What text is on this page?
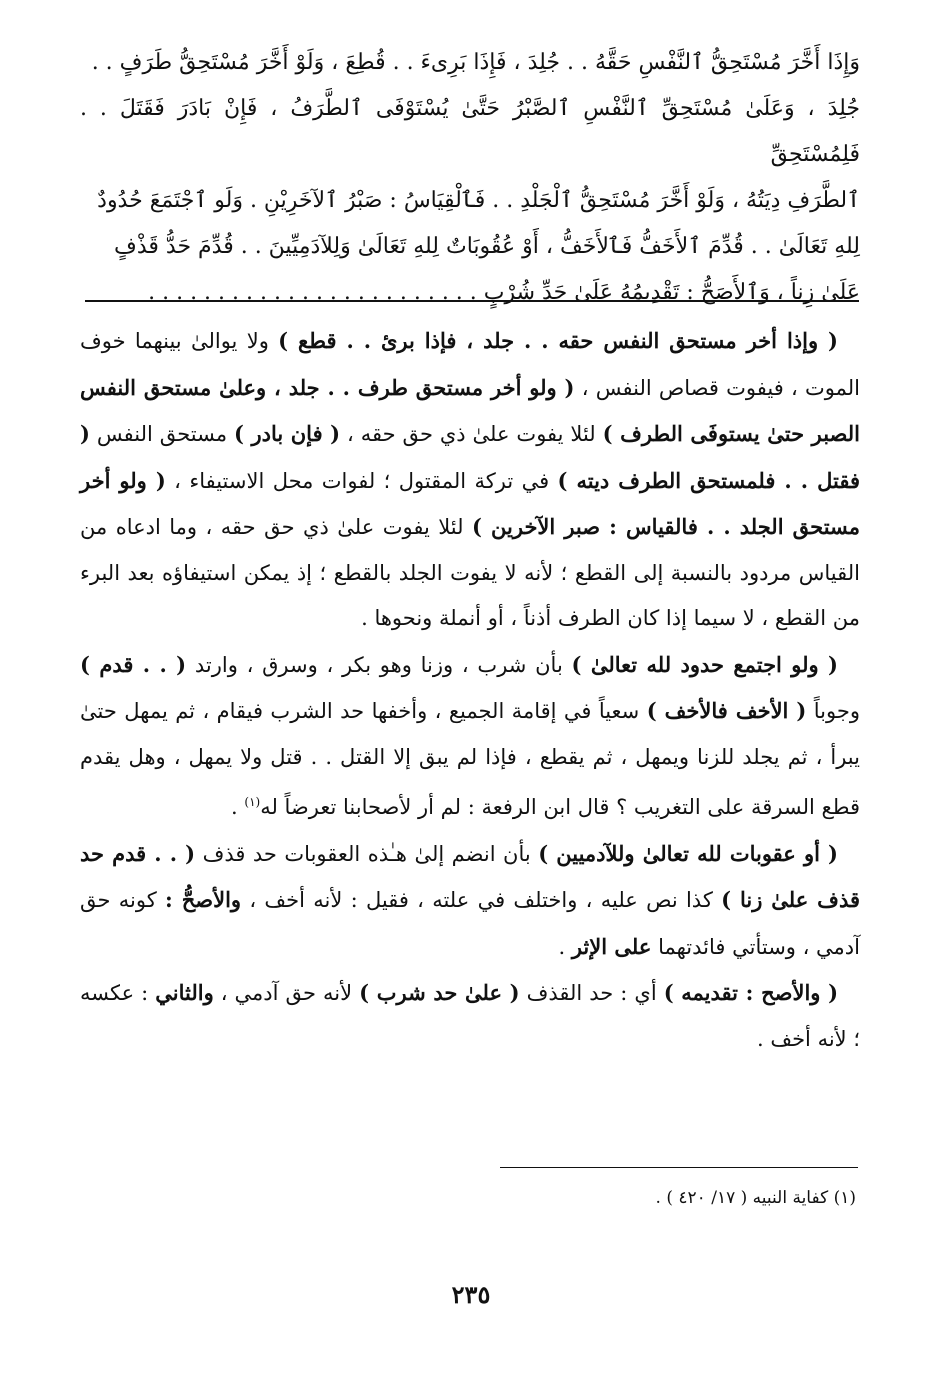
وَإِذَا أَخَّرَ مُسْتَحِقُّ ٱلنَّفْسِ حَقَّهُ . . جُلِدَ ، فَإِذَا بَرِىءَ . . قُطِعَ ، وَلَوْ أَخَّرَ مُسْتَحِقُّ طَرَفٍ . .

جُلِدَ ، وَعَلَىٰ مُسْتَحِقِّ ٱلنَّفْسِ ٱلصَّبْرُ حَتَّىٰ يُسْتَوْفَى ٱلطَّرَفُ ، فَإِنْ بَادَرَ فَقَتَلَ . . فَلِمُسْتَحِقِّ

ٱلطَّرَفِ دِيَتُهُ ، وَلَوْ أَخَّرَ مُسْتَحِقُّ ٱلْجَلْدِ . . فَٱلْقِيَاسُ : صَبْرُ ٱلآخَرِيْنِ . وَلَو ٱجْتَمَعَ حُدُودٌ

لِلهِ تَعَالَىٰ . . قُدِّمَ ٱلأَخَفُّ فَٱلأَخَفُّ ، أَوْ عُقُوبَاتٌ لِلهِ تَعَالَىٰ وَلِلآدَمِيِّينَ . . قُدِّمَ حَدُّ قَذْفٍ

عَلَىٰ زِناً ، وَٱلأَصَحُّ : تَقْدِيمُهُ عَلَىٰ حَدِّ شُرْبٍ . . . . . . . . . . . . . . . . . . . . . . . .

( وإذا أخر مستحق النفس حقه . . جلد ، فإذا برئ . . قطع ) ولا يوالىٰ بينهما خوف الموت ، فيفوت قصاص النفس ، ( ولو أخر مستحق طرف . . جلد ، وعلىٰ مستحق النفس الصبر حتىٰ يستوفَى الطرف ) لئلا يفوت علىٰ ذي حق حقه ، ( فإن بادر ) مستحق النفس ( فقتل . . فلمستحق الطرف ديته ) في تركة المقتول ؛ لفوات محل الاستيفاء ، ( ولو أخر مستحق الجلد . . فالقياس : صبر الآخرين ) لئلا يفوت علىٰ ذي حق حقه ، وما ادعاه من القياس مردود بالنسبة إلى القطع ؛ لأنه لا يفوت الجلد بالقطع ؛ إذ يمكن استيفاؤه بعد البرء من القطع ، لا سيما إذا كان الطرف أذناً ، أو أنملة ونحوها .

( ولو اجتمع حدود لله تعالىٰ ) بأن شرب ، وزنا وهو بكر ، وسرق ، وارتد ( . . قدم ) وجوباً ( الأخف فالأخف ) سعياً في إقامة الجميع ، وأخفها حد الشرب فيقام ، ثم يمهل حتىٰ يبرأ ، ثم يجلد للزنا ويمهل ، ثم يقطع ، فإذا لم يبق إلا القتل . . قتل ولا يمهل ، وهل يقدم قطع السرقة على التغريب ؟ قال ابن الرفعة : لم أر لأصحابنا تعرضاً له$^{(١)}$ .

( أو عقوبات لله تعالىٰ وللآدميين ) بأن انضم إلىٰ هـٰذه العقوبات حد قذف ( . . قدم حد قذف علىٰ زنا ) كذا نص عليه ، واختلف في علته ، فقيل : لأنه أخف ، والأصحُّ : كونه حق آدمي ، وستأتي فائدتهما على الإثر .

( والأصح : تقديمه ) أي : حد القذف ( علىٰ حد شرب ) لأنه حق آدمي ، والثاني : عكسه ؛ لأنه أخف .

(١) كفاية النبيه ( ١٧/ ٤٢٠ ) .
٢٣٥
